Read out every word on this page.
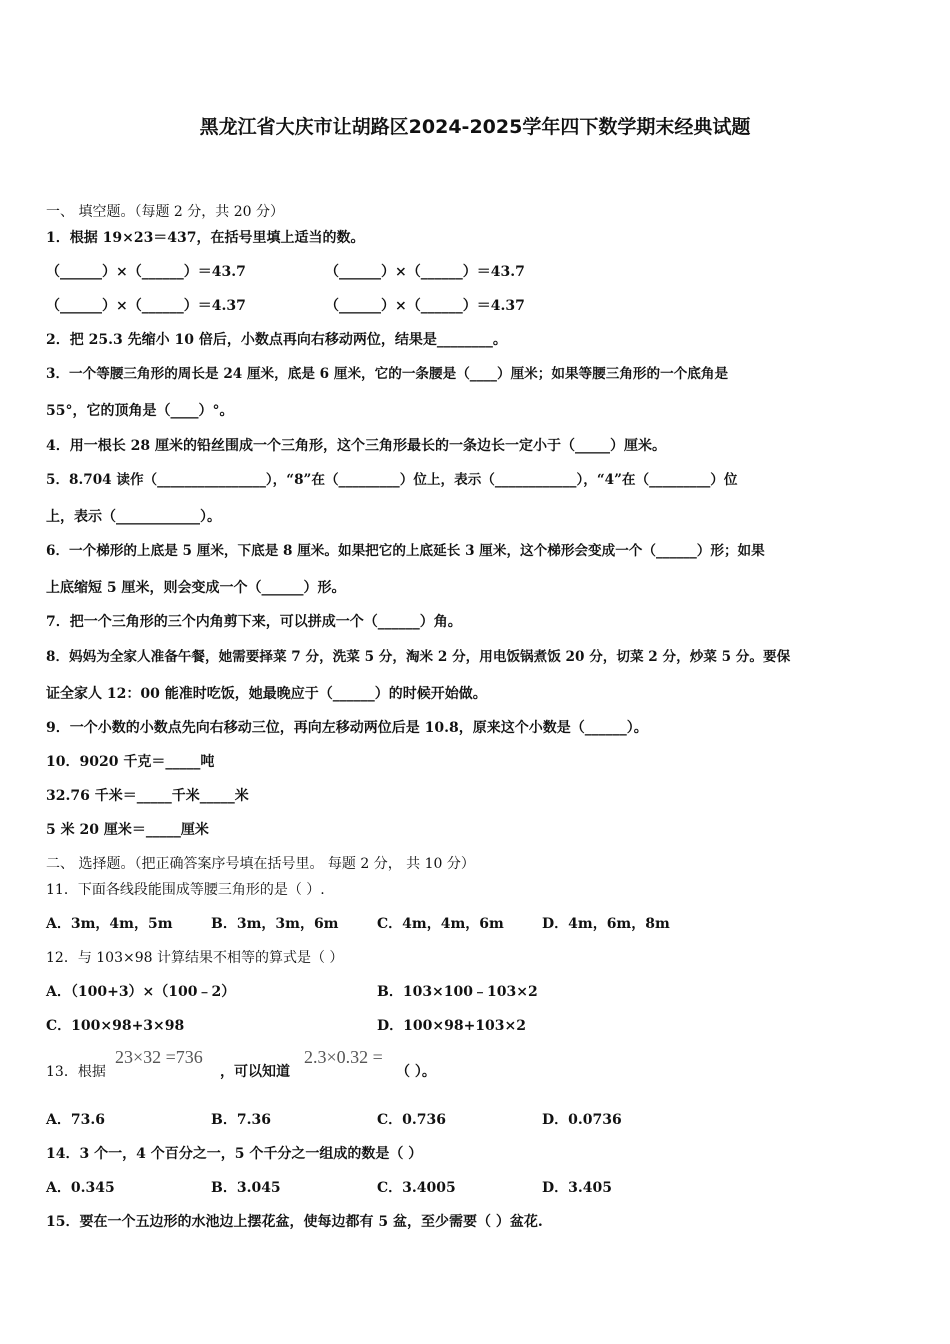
黑龙江省大庆市让胡路区2024-2025学年四下数学期末经典试题
一、 填空题。（每题 2 分，共 20 分）
1．根据 19×23＝437，在括号里填上适当的数。
（______）×（______）＝43.7	（______）×（______）＝43.7
（______）×（______）＝4.37	（______）×（______）＝4.37
2．把 25.3 先缩小 10 倍后，小数点再向右移动两位，结果是________。
3．一个等腰三角形的周长是 24 厘米，底是 6 厘米，它的一条腰是（____）厘米；如果等腰三角形的一个底角是
55°，它的顶角是（____）°。
4．用一根长 28 厘米的铅丝围成一个三角形，这个三角形最长的一条边长一定小于（_____）厘米。
5．8.704 读作（________________），“8”在（_________）位上，表示（____________），“4”在（_________）位
上，表示（____________）。
6．一个梯形的上底是 5 厘米，下底是 8 厘米。如果把它的上底延长 3 厘米，这个梯形会变成一个（______）形；如果
上底缩短 5 厘米，则会变成一个（______）形。
7．把一个三角形的三个内角剪下来，可以拼成一个（______）角。
8．妈妈为全家人准备午餐，她需要择菜 7 分，洗菜 5 分，淘米 2 分，用电饭锅煮饭 20 分，切菜 2 分，炒菜 5 分。要保
证全家人 12：00 能准时吃饭，她最晚应于（______）的时候开始做。
9．一个小数的小数点先向右移动三位，再向左移动两位后是 10.8，原来这个小数是（______）。
10．9020 千克＝_____吨
32.76 千米＝_____千米_____米
5 米 20 厘米＝_____厘米
二、 选择题。（把正确答案序号填在括号里。 每题 2 分， 共 10 分）
11．下面各线段能围成等腰三角形的是（ ）.
A．3m，4m，5m	B．3m，3m，6m	C．4m，4m，6m	D．4m，6m，8m
12．与 103×98 计算结果不相等的算式是（ ）
A．（100+3）×（100﹣2）	B．103×100﹣103×2
C．100×98+3×98	D．100×98+103×2
13．根据
23×32 =736
，可以知道
2.3×0.32 =
（ ）。
A．73.6	B．7.36	C．0.736	D．0.0736
14．3 个一，4 个百分之一，5 个千分之一组成的数是（ ）
A．0.345	B．3.045	C．3.4005	D．3.405
15．要在一个五边形的水池边上摆花盆，使每边都有 5 盆，至少需要（ ）盆花.
